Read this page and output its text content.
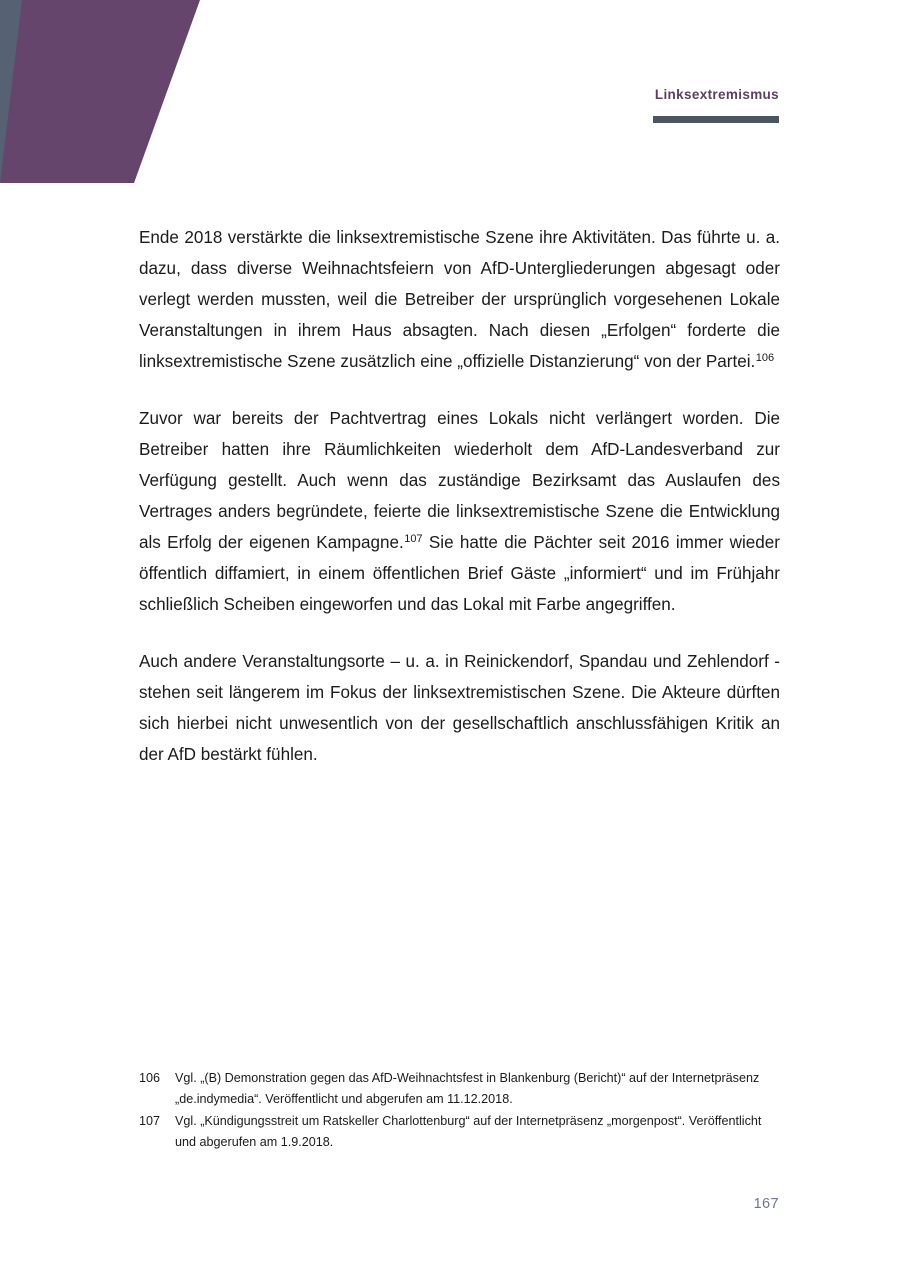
Linksextremismus

Ende 2018 verstärkte die linksextremistische Szene ihre Aktivitäten. Das führte u. a. dazu, dass diverse Weihnachtsfeiern von AfD-Untergliederungen abgesagt oder verlegt werden mussten, weil die Betreiber der ursprünglich vorgesehenen Lokale Veranstaltungen in ihrem Haus absagten. Nach diesen „Erfolgen“ forderte die linksextremistische Szene zusätzlich eine „offizielle Distanzierung“ von der Partei.$^{106}$

Zuvor war bereits der Pachtvertrag eines Lokals nicht verlängert worden. Die Betreiber hatten ihre Räumlichkeiten wiederholt dem AfD-Landesverband zur Verfügung gestellt. Auch wenn das zuständige Bezirksamt das Auslaufen des Vertrages anders begründete, feierte die linksextremistische Szene die Entwicklung als Erfolg der eigenen Kampagne.$^{107}$ Sie hatte die Pächter seit 2016 immer wieder öffentlich diffamiert, in einem öffentlichen Brief Gäste „informiert“ und im Frühjahr schließlich Scheiben eingeworfen und das Lokal mit Farbe angegriffen.

Auch andere Veranstaltungsorte – u. a. in Reinickendorf, Spandau und Zehlendorf - stehen seit längerem im Fokus der linksextremistischen Szene. Die Akteure dürften sich hierbei nicht unwesentlich von der gesellschaftlich anschlussfähigen Kritik an der AfD bestärkt fühlen.

106	Vgl. „(B) Demonstration gegen das AfD-Weihnachtsfest in Blankenburg (Bericht)“ auf der Internetpräsenz „de.indymedia“. Veröffentlicht und abgerufen am 11.12.2018.
107	Vgl. „Kündigungsstreit um Ratskeller Charlottenburg“ auf der Internetpräsenz „morgenpost“. Veröffentlicht und abgerufen am 1.9.2018.
167
